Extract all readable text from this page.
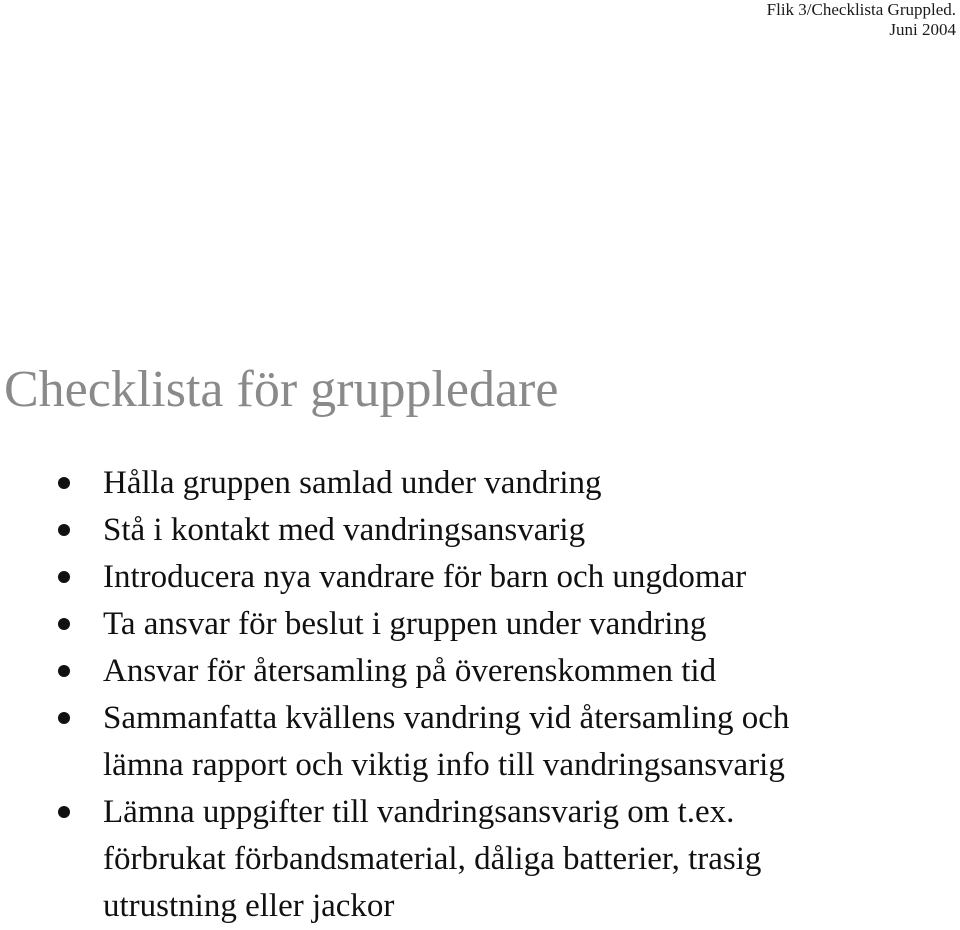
Flik 3/Checklista Gruppled.
Juni 2004
Checklista för gruppledare
Hålla gruppen samlad under vandring
Stå i kontakt med vandringsansvarig
Introducera nya vandrare för barn och ungdomar
Ta ansvar för beslut i gruppen under vandring
Ansvar för återsamling på överenskommen tid
Sammanfatta kvällens vandring vid återsamling och
lämna rapport och viktig info till vandringsansvarig
Lämna uppgifter till vandringsansvarig om t.ex.
förbrukat förbandsmaterial, dåliga batterier, trasig
utrustning eller jackor
